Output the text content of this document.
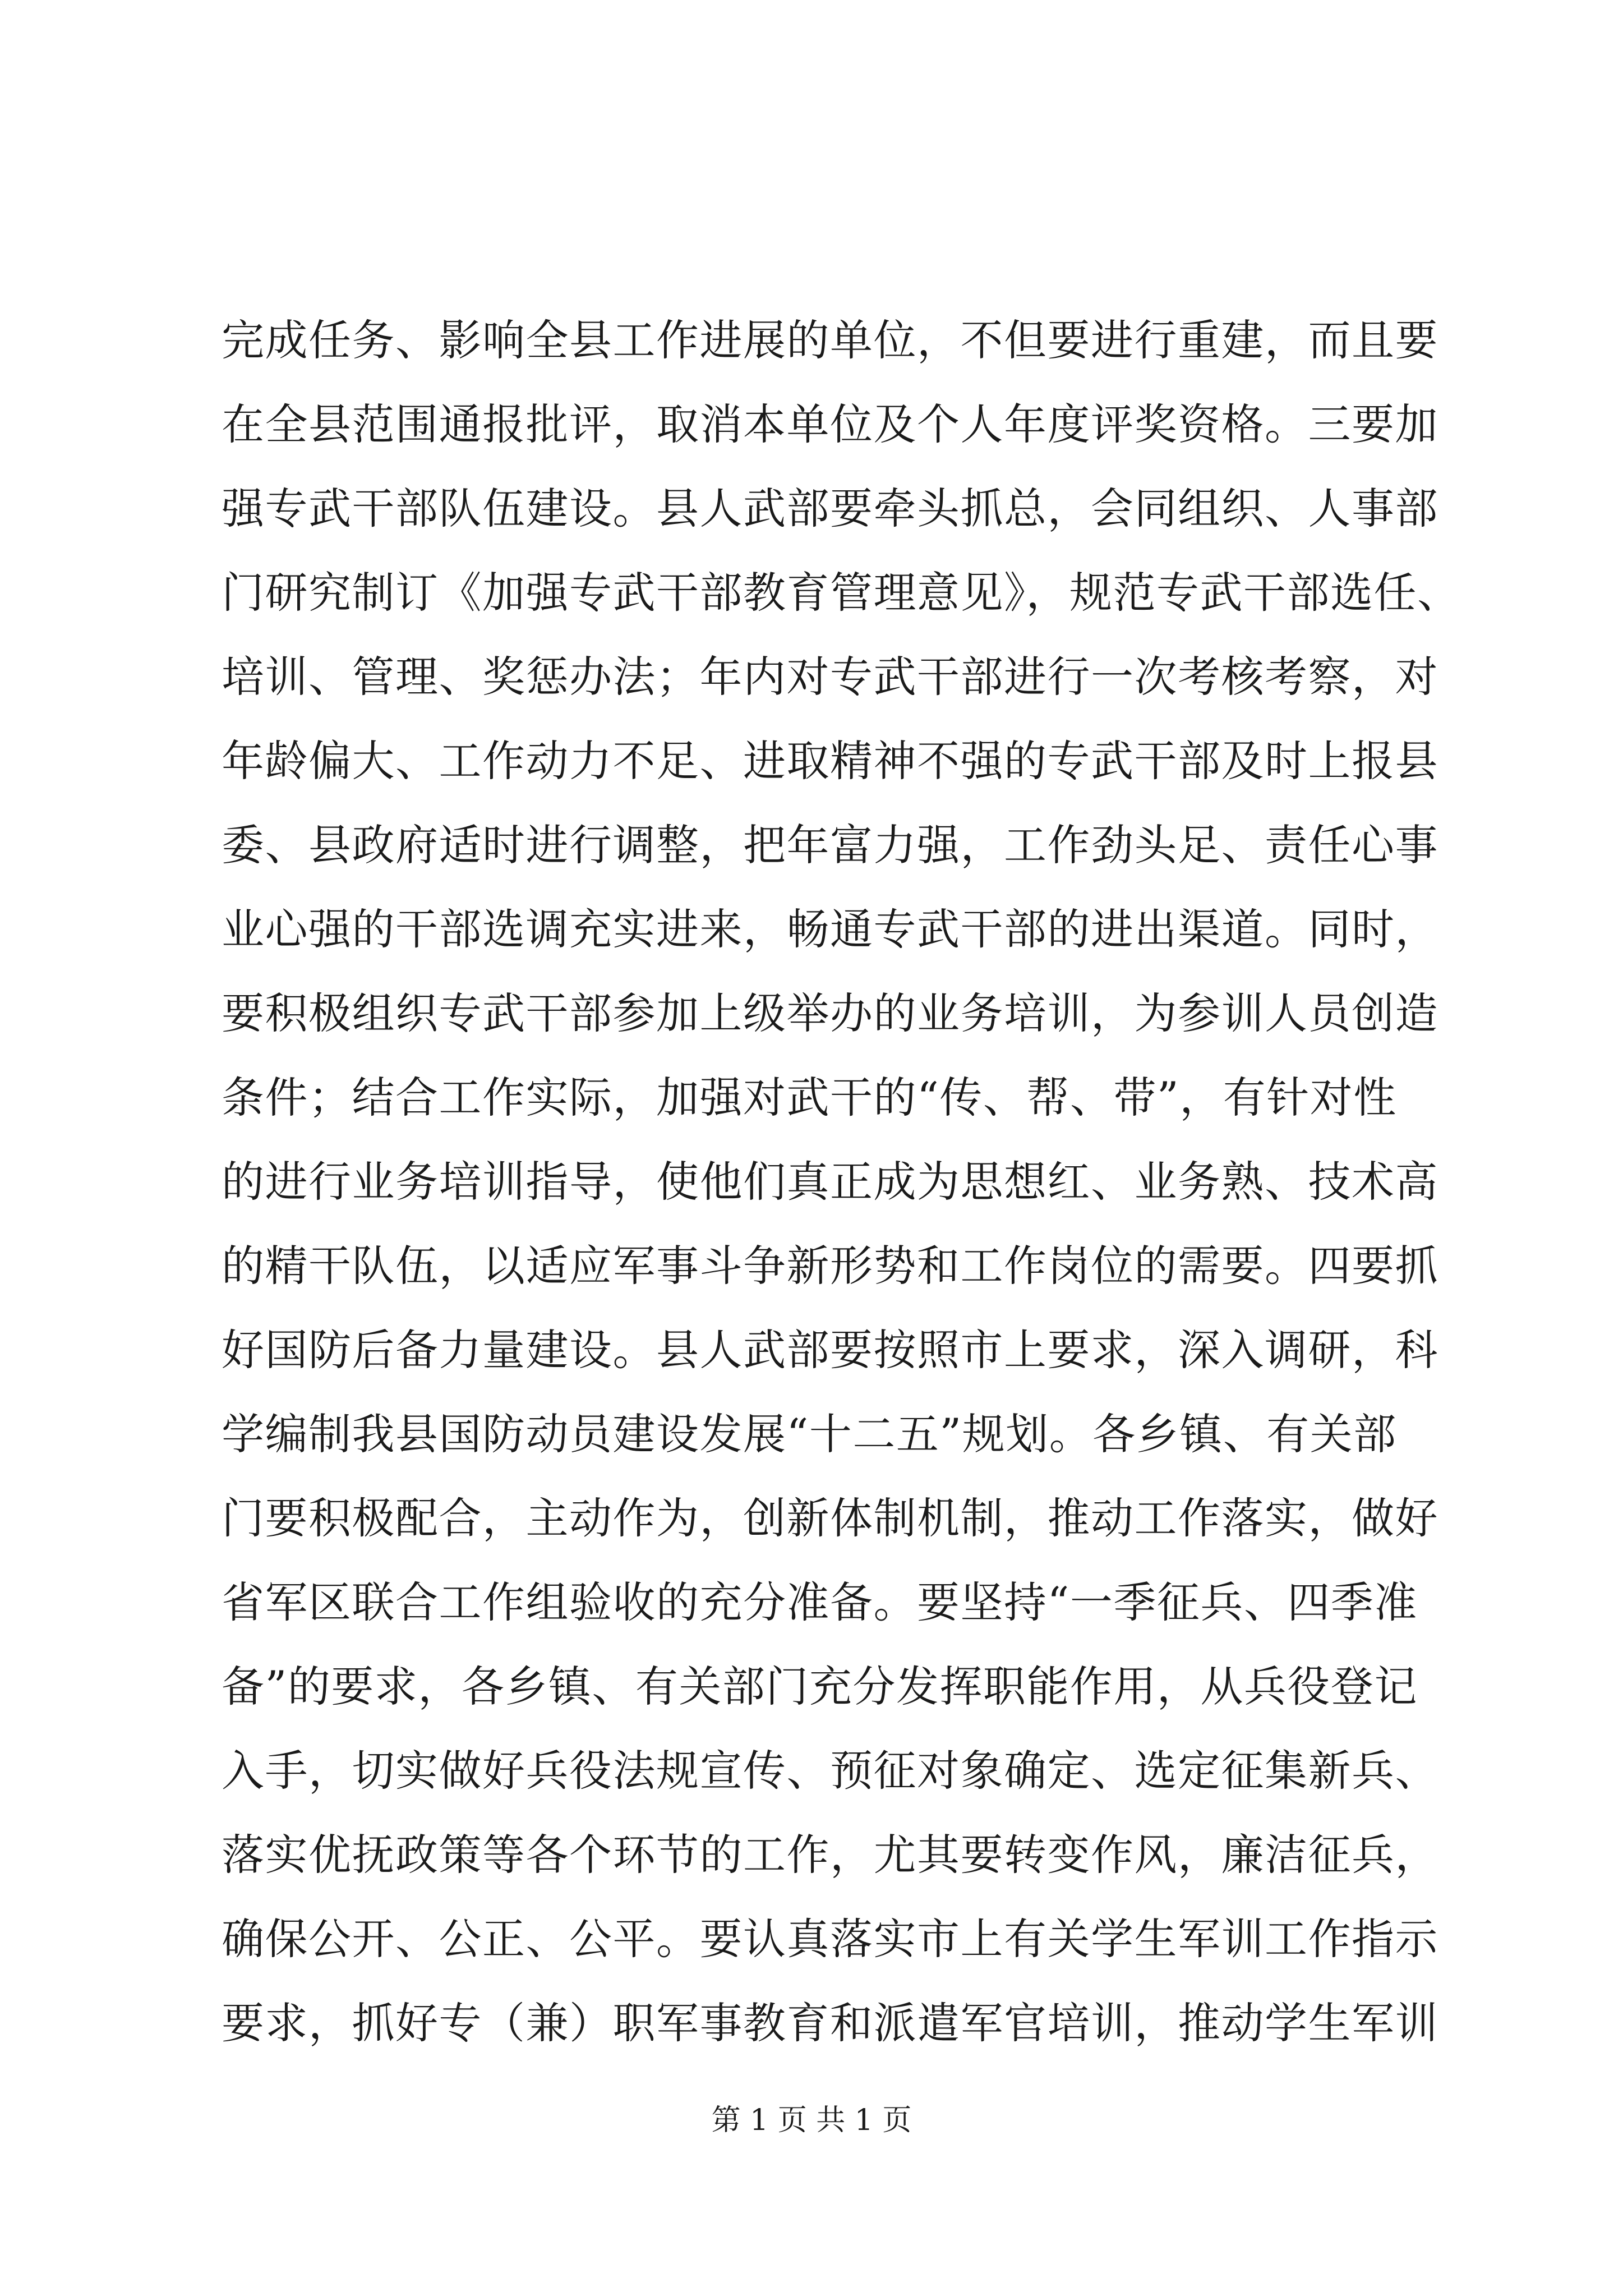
完成任务、影响全县工作进展的单位，不但要进行重建，而且要
在全县范围通报批评，取消本单位及个人年度评奖资格。三要加
强专武干部队伍建设。县人武部要牵头抓总，会同组织、人事部
门研究制订《加强专武干部教育管理意见》，规范专武干部选任、
培训、管理、奖惩办法；年内对专武干部进行一次考核考察，对
年龄偏大、工作动力不足、进取精神不强的专武干部及时上报县
委、县政府适时进行调整，把年富力强，工作劲头足、责任心事
业心强的干部选调充实进来，畅通专武干部的进出渠道。同时，
要积极组织专武干部参加上级举办的业务培训，为参训人员创造
条件；结合工作实际，加强对武干的“传、帮、带”，有针对性
的进行业务培训指导，使他们真正成为思想红、业务熟、技术高
的精干队伍，以适应军事斗争新形势和工作岗位的需要。四要抓
好国防后备力量建设。县人武部要按照市上要求，深入调研，科
学编制我县国防动员建设发展“十二五”规划。各乡镇、有关部
门要积极配合，主动作为，创新体制机制，推动工作落实，做好
省军区联合工作组验收的充分准备。要坚持“一季征兵、四季准
备”的要求，各乡镇、有关部门充分发挥职能作用，从兵役登记
入手，切实做好兵役法规宣传、预征对象确定、选定征集新兵、
落实优抚政策等各个环节的工作，尤其要转变作风，廉洁征兵，
确保公开、公正、公平。要认真落实市上有关学生军训工作指示
要求，抓好专（兼）职军事教育和派遣军官培训，推动学生军训
第 1 页 共 1 页
